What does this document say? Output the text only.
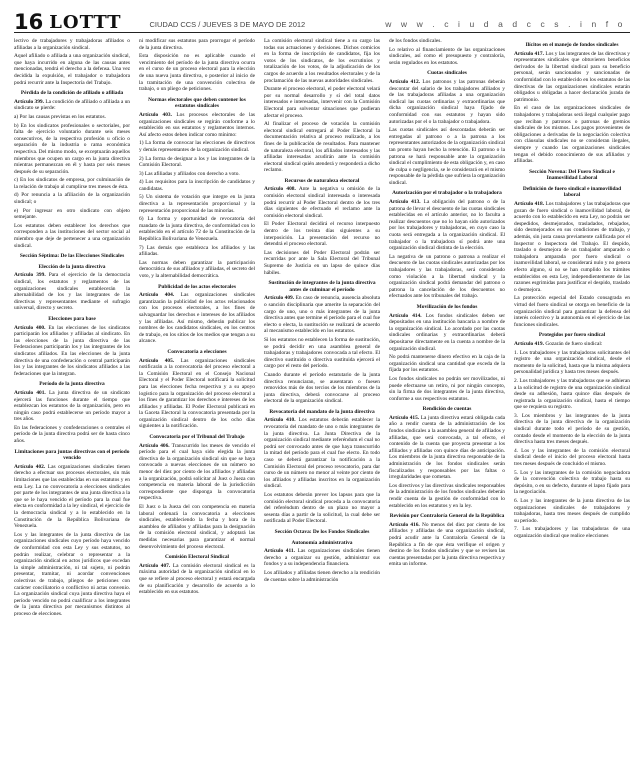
16 LOTTT	CIUDAD CCS / JUEVES 3 DE MAYO DE 2012	w w w . c i u d a d c c s . i n f o

lectivo de trabajadores y trabajadoras afiliados o afiliadas a la organización sindical.

Aquel afiliado o afiliada a una organización sindical, que haya incurrido en alguna de las causas antes mencionadas, tendrá el derecho a la defensa. Una vez decidida la expulsión, el trabajador o trabajadora podrá recurrir ante la Inspectoría del Trabajo.

Pérdida de la condición de afiliado o afiliada

Artículo 399. La condición de afiliado o afiliada a un sindicato se pierde:

a) Por las causas previstas en los estatutos.

b) En los sindicatos profesionales o sectoriales, por falta de ejercicio voluntario durante seis meses consecutivos, de la respectiva profesión u oficio o separación de la industria o rama económica respectiva. Del mismo modo, se exceptuarán aquellos miembros que ocupen un cargo en la junta directiva mientras permanezcan en él y hasta por seis meses después de su separación.

c) En los sindicatos de empresa, por culminación de la relación de trabajo al cumplirse tres meses de ésta.

d) Por renuncia a la afiliación de la organización sindical; o

e) Por ingresar en otro sindicato con objeto semejante.

Los estatutos deben establecer los derechos que corresponden a las instituciones del sector social al miembro que deje de pertenecer a una organización sindical.

Sección Séptima: De las Elecciones Sindicales

Elección de la junta directiva

Artículo 399. Para el ejercicio de la democracia sindical, los estatutos y reglamentos de las organizaciones sindicales establecerán la alternabilidad de los y las integrantes de las directivas y representantes mediante el sufragio universal, directo y secreto.

Elecciones para base

Artículo 400. En las elecciones de los sindicatos participarán los afiliados y afiliadas al sindicato. En las elecciones de la junta directiva de las Federaciones participarán los y las integrantes de los sindicatos afiliados. En las elecciones de la junta directiva de una confederación o central participarán los y las integrantes de los sindicatos afiliados a las federaciones que la integran.

Período de la junta directiva

Artículo 401. La junta directiva de un sindicato ejercerá las funciones durante el tiempo que establezcan los estatutos de la organización, pero en ningún caso podrá establecerse un período mayor a tres años.

En las federaciones y confederaciones o centrales el período de la junta directiva podrá ser de hasta cinco años.

Limitaciones para juntas directivas con el período vencido

Artículo 402. Las organizaciones sindicales tienen derecho a efectuar sus procesos electorales, sin más limitaciones que las establecidas en sus estatutos y en esta Ley. La no convocatoria a elecciones sindicales por parte de los integrantes de una junta directiva a la que se le haya vencido el período para la cual fue electa en conformidad a la ley sindical, el ejercicio de la democracia sindical y a lo establecido en la Constitución de la República Bolivariana de Venezuela.

Los y las integrantes de la junta directiva de las organizaciones sindicales cuyo período haya vencido de conformidad con esta Ley y sus estatutos, no podrán realizar, celebrar o representar a la organización sindical en actos jurídicos que excedan la simple administración, ni tal sujeto, ni podrán presentar, tramitar, ni acordar convenciones colectivas de trabajo, pliegos de peticiones con carácter conciliatorio o conflictivo ni actas convenio. La organización sindical cuya junta directiva haya el período vencido no podrá cualificar a los integrantes de la junta directiva por mecanismos distintos al proceso de elecciones.

ni modificar sus estatutos para prorrogar el período de la junta directiva.

Esta disposición no es aplicable cuando el vencimiento del período de la junta directiva ocurra en el curso de un proceso electoral para la elección de una nueva junta directiva, o posterior al inicio de la tramitación de una convención colectiva de trabajo, o un pliego de peticiones.

Normas electorales que deben contener los estatutos sindicales

Artículo 403. Los procesos electorales de las organizaciones sindicales se regirán conforme a lo establecido en sus estatutos y reglamentos internos. Así afecto estos deben indicar como mínimo:

1) La forma de convocar las elecciones de directivos y demás representantes de la organización sindical.

2) La forma de designar a los y las integrantes de la Comisión Electoral.

3) Las afiliadas y afiliados con derecho a voto.

4) Los requisitos para la inscripción de candidatos y candidatas.

5) Un sistema de votación que integre en la junta directiva a la representación proporcional y la representación proporcional de las minorías.

6) La forma y oportunidad de revocatoria del mandato de la junta directiva, de conformidad con lo establecido en el artículo 72 de la Constitución de la República Bolivariana de Venezuela.

7) Las demás que establezca los afiliados y las afiliadas.

Las normas deben garantizar la participación democrática de sus afiliados y afiliadas, el secreto del voto, y la alternabilidad democrática.

Publicidad de los actos electorales

Artículo 404. Las organizaciones sindicales garantizarán la publicidad de los actos relacionados con los procesos electorales, a los fines de salvaguardar los derechos e intereses de los afiliados y las afiliadas. Así mismo, deberán publicar los nombres de los candidatos sindicales, en los centros de trabajo, en los sitios de los medios que tengan a su alcance.

Convocatoria a elecciones

Artículo 405. Las organizaciones sindicales notificarán a la convocatoria del proceso electoral a la Comisión Electoral en el Consejo Nacional Electoral y el Poder Electoral notificará la solicitud para las elecciones fecha respectiva y a su apoyo logístico para la organización del proceso electoral a los fines de garantizar los derechos e intereses de los afiliados y afiliadas. El Poder Electoral publicará en la Gaceta Electoral la convocatoria presentada por la organización sindical dentro de los ocho días siguientes a la notificación.

Convocatoria por el Tribunal del Trabajo

Artículo 406. Transcurrido los meses de vencido el período para el cual haya sido elegida la junta directiva de la organización sindical sin que se haya convocado a nuevas elecciones de un número no menor del diez por ciento de los afiliados y afiliadas a la organización, podrá solicitar al Juez o Jueza con competencia en materia laboral de la jurisdicción correspondiente que disponga la convocatoria respectiva.

El Juez o la Jueza del con competencia en materia laboral ordenará la convocatoria a elecciones sindicales, estableciendo la fecha y hora de la asamblea de afiliados y afiliadas para la designación de la comisión electoral sindical, y adoptará las medidas necesarias para garantizar el normal desenvolvimiento del proceso electoral.

Comisión Electoral Sindical

Artículo 407. La comisión electoral sindical es la máxima autoridad de la organización sindical en lo que se refiere al proceso electoral y estará encargada de su planificación y desarrollo de acuerdo a lo establecido en sus estatutos.

La comisión electoral sindical tiene a su cargo las todas sus actuaciones y decisiones. Dichos comicios en la forma de inscripción de candidatos, fija los votos de los sindicatos, de los escrutinios y totalización de los votos, de la adjudicación de los cargos de acuerdo a los resultados electorales y de la proclamación de las nuevas autoridades sindicales.

Durante el proceso electoral, el poder electoral velará por su normal desarrollo y sí del total datos interesados e interesadas, intervenir con la Comisión Electoral para solventar situaciones que pudieran afectar el proceso.

Al finalizar el proceso de votación la comisión electoral sindical entregará al Poder Electoral la documentación relativa al proceso realizado, a los fines de la publicación de resultados. Para mantener de naturaleza electoral, los afiliados interesados y las afiliadas interesadas acudirán ante la comisión electoral sindical quién atenderá y responderá a dicho reclamo.

Recursos de naturaleza electoral

Artículo 408. Ante la negativa u omisión de la comisión electoral sindical interesada o interesada podrá recurrir al Poder Electoral dentro de los tres días siguientes de efectuado el reclamo ante la comisión electoral sindical.

El Poder Electoral decidirá el recurso interpuesto dentro de los treinta días siguientes a su interposición. La presentación del recurso no detendrá el proceso electoral.

Las decisiones del Poder Electoral podrán ser recurridas por ante la Sala Electoral del Tribunal Supremo de Justicia en un lapso de quince días hábiles.

Sustitución de integrantes de la junta directiva antes de culminar el período

Artículo 409. En caso de renuncia, ausencia absoluta o sanción disciplinaria que amerite la separación del cargo de uno, uno o más integrantes de la junta directiva antes que termine el período para el cual fue electo o electa, la sustitución se realizará de acuerdo al mecanismo establecido en los estatutos.

Si los estatutos no establecen la forma de sustitución, se podrá decidir en una asamblea general de trabajadoras y trabajadores convocada a tal efecto. El directivo sustituido o directiva sustituida ejercerá el cargo por el resto del período.

Cuando durante el período estatutario de la junta directiva renunciaran, se ausentaran o fuesen removidos más de dos tercios de los miembros de la junta directiva, deberá convocarse al proceso electoral de la organización sindical.

Revocatoria del mandato de la junta directiva

Artículo 410. Los estatutos deberán establecer la revocatoria del mandato de uno o más integrantes de la junta directiva. La Junta Directiva de la organización sindical mediante referéndum el cual no podrá ser convocado antes de que haya transcurrido la mitad del período para el cual fue electo. En todo caso se deberá garantizar la notificación a la Comisión Electoral del proceso revocatorio, para dar curso de un número no menor al veinte por ciento de los afiliados y afiliadas inscritos en la organización sindical.

Los estatutos deberán prever los lapsos para que la comisión electoral sindical proceda a la convocatoria del referéndum dentro de un plazo no mayor a sesenta días a partir de la solicitud, la cual debe ser notificada al Poder Electoral.

Sección Octava: De los Fondos Sindicales

Autonomía administrativa

Artículo 411. Las organizaciones sindicales tienen derecho a organizar su gestión, administrar sus fondos y a su independencia financiera.

Los afiliados y afiliadas tienen derecho a la rendición de cuentas sobre la administración

de los fondos sindicales.

Lo relativo al financiamiento de las organizaciones sindicales, así como el presupuesto y contraloría, serán regulados en los estatutos.

Cuotas sindicales

Artículo 412. Los patronos y las patronas deberán descontar del salario de los trabajadores afiliados y de las trabajadoras afiliadas a una organización sindical las cuotas ordinarias y extraordinarias que dicha organización sindical haya fijado de conformidad con sus estatutos y hayan sido autorizadas por el o la trabajador o trabajadora.

Las cuotas sindicales así descontadas deberán ser entregadas al patrono o a la patrona a los representantes autorizados de la organización sindical tan pronto hayan hecho la retención. El patrono o la patrona se hará responsable ante la organización sindical el cumplimiento de esta obligación y, en caso de culpa o negligencia, se le considerará en el mismo responsable de la pérdida que sufriera la organización sindical.

Autorización por el trabajador o la trabajadora

Artículo 413. La obligación del patrono o de la patrona de llevar el descuento de las cuotas sindicales establecidas en el artículo anterior, no lo faculta a realizar descuentos que no lo hayan sido autorizados por los trabajadores y trabajadoras, en cuyo caso la cuota será entregada a la organización sindical. El trabajador o la trabajadora sí podrá ante una organización sindical distinta de la elección.

La negativa de un patrono o patrona a realizar el descuento de las cuotas sindicales autorizadas por los trabajadores y las trabajadoras, será considerado como violación a la libertad sindical y la organización sindical podrá demandar del patrono o patrona la cancelación de los descuentos no efectuados ante los tribunales del trabajo.

Movilización de los fondos

Artículo 414. Los fondos sindicales deben ser depositados en una institución bancaria a nombre de la organización sindical. Lo acordado por las cuotas sindicales ordinarias y extraordinarias deberá depositarse directamente en la cuenta a nombre de la organización sindical.

No podrá mantenerse dinero efectivo en la caja de la organización sindical una cantidad que exceda de la fijada por los estatutos.

Los fondos sindicales no podrán ser movilizados, ni puede efectuarse un retiro, ni por ningún concepto, sin la firma de dos integrantes de la junta directiva, conforme a sus respectivos estatutos.

Rendición de cuentas

Artículo 415. La junta directiva estará obligada cada año a rendir cuenta de la administración de los fondos sindicales a la asamblea general de afiliados y afiliadas, que será convocada, a tal efecto, el contenido de la cuenta que proyecta presentar a los afiliados y afiliadas con quince días de anticipación. Los miembros de la junta directiva responsable de la administración de los fondos sindicales serán fiscalizados y responsables por las faltas o irregularidades que cometan.

Los directivos y las directivas sindicales responsables de la administración de los fondos sindicales deberán rendir cuenta de la gestión de conformidad con lo establecido en los estatutos y en la ley.

Revisión por Contraloría General de la República

Artículo 416. No menos del diez por ciento de los afiliados y afiliadas de una organización sindical, podrá acudir ante la Contraloría General de la República a fin de que ésta verifique el origen y destino de los fondos sindicales y que se revisen las cuentas presentadas por la junta directiva respectiva y emita un informe.

Ilícitos en el manejo de fondos sindicales

Artículo 417. Los y las integrantes de las directivas y representantes sindicales que obtuvieren beneficios derivados de la libertad sindical para su beneficio personal, serán sancionados y sancionadas de conformidad con lo establecido en los estatutos de las directivas de las organizaciones sindicales estarán obligados u obligadas a hacer declaración jurada de patrimonio.

En el caso de las organizaciones sindicales de trabajadores y trabajadoras será ilegal cualquier pago que reciban y patronos o patronas de gremios sindicales de los mismos. Los pagos provenientes de obligaciones a derivadas de la negociación colectiva con cláusulas sindicales no se consideran ilegales, siempre y cuando las organizaciones sindicales tengan el debido conocimiento de sus afiliados y afiliadas.

Sección Novena: Del Fuero Sindical e Inamovilidad Laboral

Definición de fuero sindical e inamovilidad laboral

Artículo 418. Los trabajadores y las trabajadoras que gozan de fuero sindical o inamovilidad laboral, de acuerdo con lo establecido en esta Ley, no podrán ser despedidos, desmejorados, trasladados, rebajados, sido desmejorados en sus condiciones de trabajo, y además, sin justa causa previamente calificada por el Inspector o Inspectora del Trabajo. El despido, traslado o desmejora de un trabajador amparado o trabajadora amparada por fuero sindical o inamovilidad laboral, se considerará nulo y no genera efecto alguno, si no se han cumplido los trámites establecidos en esta Ley, independientemente de las razones esgrimidas para justificar el despido, traslado o desmejora.

La protección especial del Estado consagrada en virtud del fuero sindical se otorga en beneficio de la organización sindical para garantizar la defensa del interés colectivo y la autonomía en el ejercicio de las funciones sindicales.

Protegidos por fuero sindical

Artículo 419. Gozarán de fuero sindical:

1. Los trabajadores y las trabajadoras solicitantes del registro de una organización sindical, desde el momento de la solicitud, hasta que la misma adquiera personalidad jurídica y hasta tres meses después.

2. Los trabajadores y las trabajadoras que se adhieran a la solicitud de registro de una organización sindical desde su adhesión, hasta quince días después de registrada la organización sindical, hasta el tiempo que se requiera su registro.

3. Los miembros y las integrantes de la junta directiva de la junta directiva de la organización sindical durante todo el período de su gestión, contado desde el momento de la elección de la junta directiva hasta tres meses después.

4. Los y las integrantes de la comisión electoral sindical desde el inicio del proceso electoral hasta tres meses después de concluido el mismo.

5. Los y las integrantes de la comisión negociadora de la convención colectiva de trabajo hasta su depósito, o en su defecto, durante el lapso fijado para la negociación.

6. Los y las integrantes de la junta directiva de las organizaciones sindicales de trabajadores y trabajadoras, hasta tres meses después de cumplido su período.

7. Los trabajadores y las trabajadoras de una organización sindical que realice elecciones
